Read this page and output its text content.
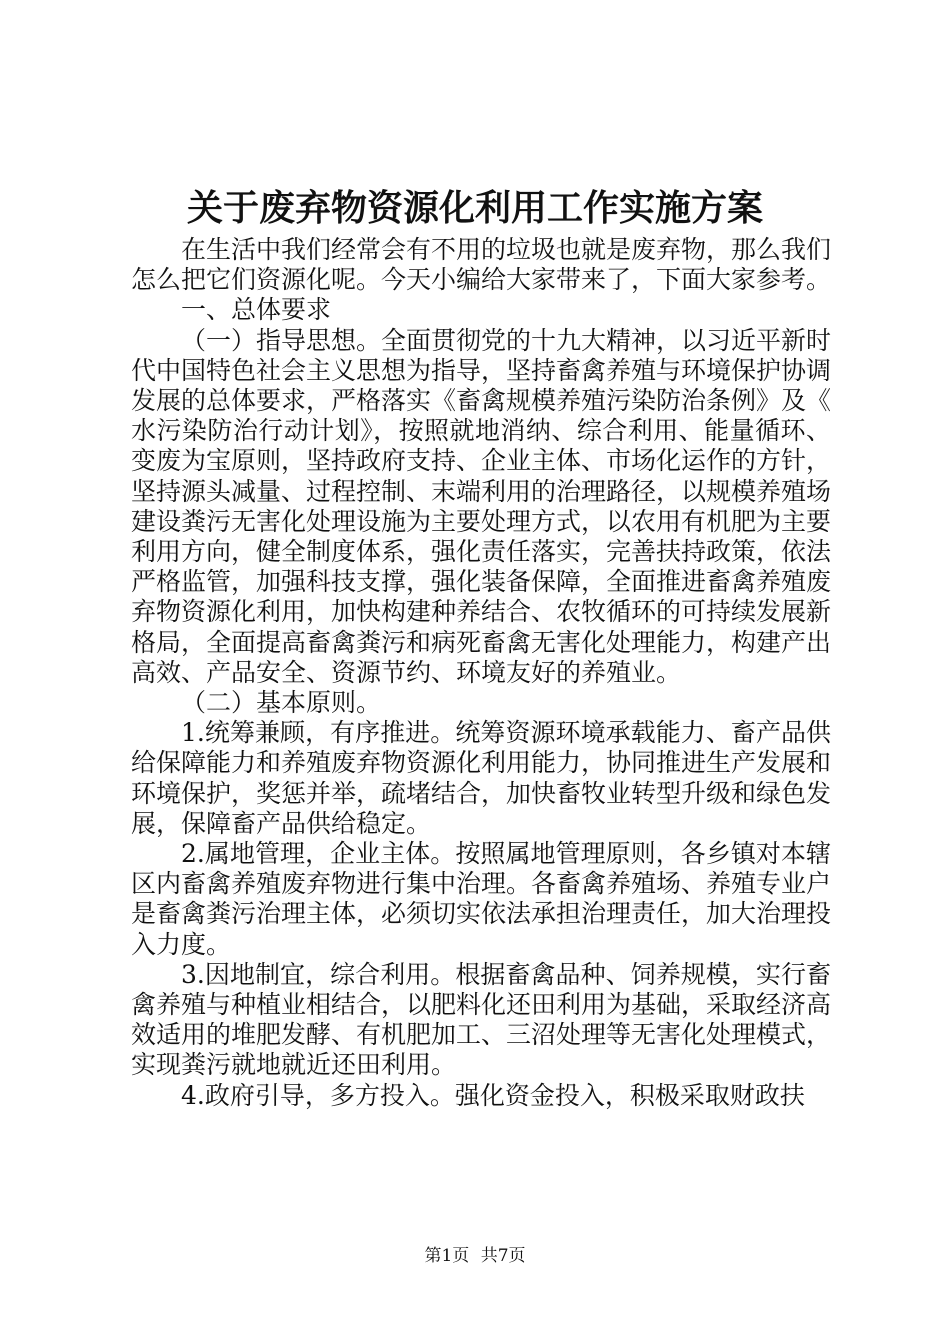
关于废弃物资源化利用工作实施方案

在生活中我们经常会有不用的垃圾也就是废弃物，那么我们怎么把它们资源化呢。今天小编给大家带来了，下面大家参考。

一、总体要求

（一）指导思想。全面贯彻党的十九大精神，以习近平新时代中国特色社会主义思想为指导，坚持畜禽养殖与环境保护协调发展的总体要求，严格落实《畜禽规模养殖污染防治条例》及《水污染防治行动计划》，按照就地消纳、综合利用、能量循环、变废为宝原则，坚持政府支持、企业主体、市场化运作的方针，坚持源头减量、过程控制、末端利用的治理路径，以规模养殖场建设粪污无害化处理设施为主要处理方式，以农用有机肥为主要利用方向，健全制度体系，强化责任落实，完善扶持政策，依法严格监管，加强科技支撑，强化装备保障，全面推进畜禽养殖废弃物资源化利用，加快构建种养结合、农牧循环的可持续发展新格局，全面提高畜禽粪污和病死畜禽无害化处理能力，构建产出高效、产品安全、资源节约、环境友好的养殖业。

（二）基本原则。

1.统筹兼顾，有序推进。统筹资源环境承载能力、畜产品供给保障能力和养殖废弃物资源化利用能力，协同推进生产发展和环境保护，奖惩并举，疏堵结合，加快畜牧业转型升级和绿色发展，保障畜产品供给稳定。

2.属地管理，企业主体。按照属地管理原则，各乡镇对本辖区内畜禽养殖废弃物进行集中治理。各畜禽养殖场、养殖专业户是畜禽粪污治理主体，必须切实依法承担治理责任，加大治理投入力度。

3.因地制宜，综合利用。根据畜禽品种、饲养规模，实行畜禽养殖与种植业相结合，以肥料化还田利用为基础，采取经济高效适用的堆肥发酵、有机肥加工、三沼处理等无害化处理模式，实现粪污就地就近还田利用。

4.政府引导，多方投入。强化资金投入，积极采取财政扶

第1页 共7页
